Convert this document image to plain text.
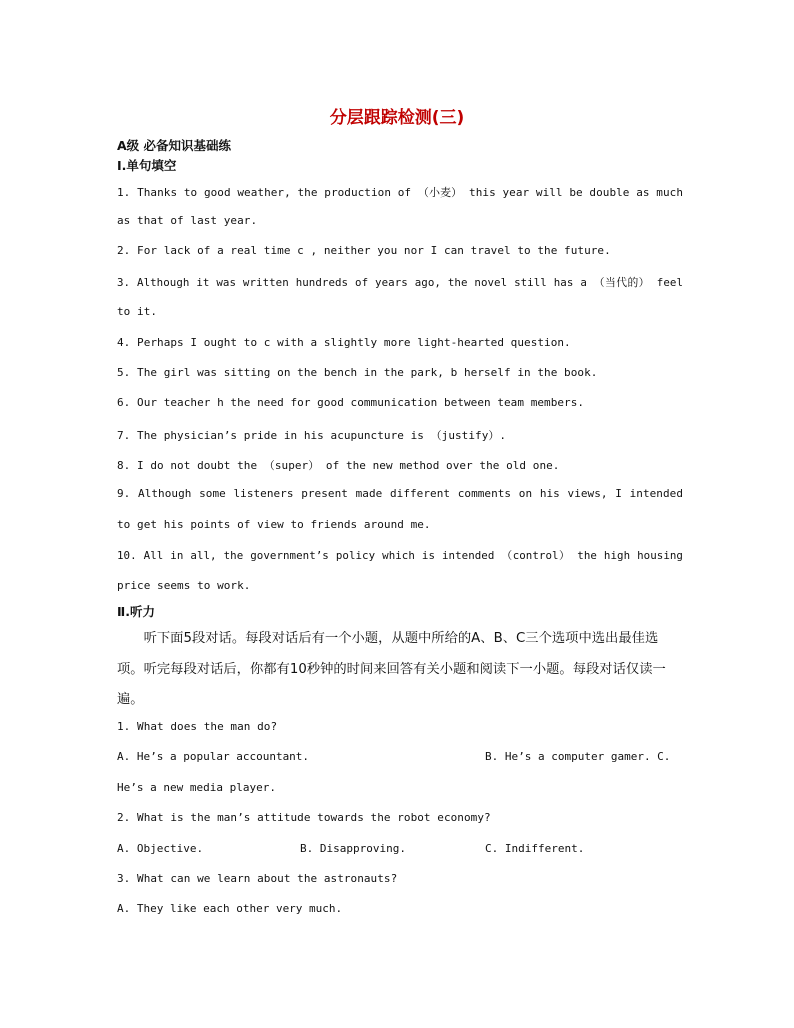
分层跟踪检测(三)
A级 必备知识基础练
Ⅰ.单句填空
1. Thanks to good weather, the production of （小麦） this year will be double as much
as that of last year.
2. For lack of a real time c , neither you nor I can travel to the future.
3. Although it was written hundreds of years ago, the novel still has a （当代的） feel
to it.
4. Perhaps I ought to c with a slightly more light-hearted question.
5. The girl was sitting on the bench in the park, b herself in the book.
6. Our teacher h the need for good communication between team members.
7. The physician’s pride in his acupuncture is （justify）.
8. I do not doubt the （super） of the new method over the old one.
9. Although some listeners present made different comments on his views, I intended
to get his points of view to friends around me.
10. All in all, the government’s policy which is intended （control） the high housing
price seems to work.
Ⅱ.听力
　　听下面5段对话。每段对话后有一个小题，从题中所给的A、B、C三个选项中选出最佳选
项。听完每段对话后，你都有10秒钟的时间来回答有关小题和阅读下一小题。每段对话仅读一
遍。
1. What does the man do?
A. He’s a popular accountant.	B. He’s a computer gamer. C.
He’s a new media player.
2. What is the man’s attitude towards the robot economy?
A. Objective.	B. Disapproving.	C. Indifferent.
3. What can we learn about the astronauts?
A. They like each other very much.
